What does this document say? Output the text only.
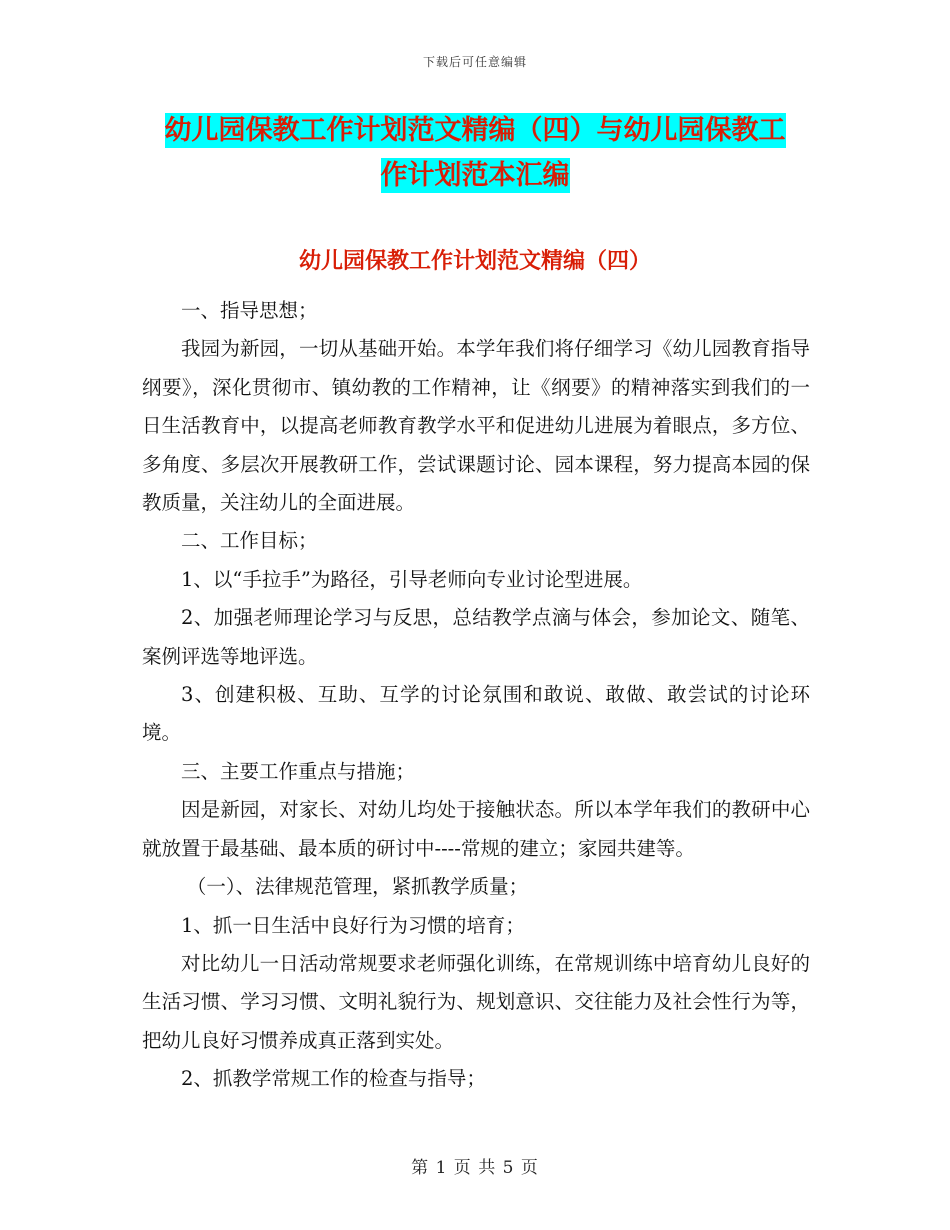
下载后可任意编辑
幼儿园保教工作计划范文精编（四）与幼儿园保教工
作计划范本汇编
幼儿园保教工作计划范文精编（四）

一、指导思想；

我园为新园，一切从基础开始。本学年我们将仔细学习《幼儿园教育指导纲要》，深化贯彻市、镇幼教的工作精神，让《纲要》的精神落实到我们的一日生活教育中，以提高老师教育教学水平和促进幼儿进展为着眼点，多方位、多角度、多层次开展教研工作，尝试课题讨论、园本课程，努力提高本园的保教质量，关注幼儿的全面进展。

二、工作目标；

1、以“手拉手”为路径，引导老师向专业讨论型进展。

2、加强老师理论学习与反思，总结教学点滴与体会，参加论文、随笔、案例评选等地评选。

3、创建积极、互助、互学的讨论氛围和敢说、敢做、敢尝试的讨论环境。

三、主要工作重点与措施；

因是新园，对家长、对幼儿均处于接触状态。所以本学年我们的教研中心就放置于最基础、最本质的研讨中----常规的建立；家园共建等。

（一）、法律规范管理，紧抓教学质量；

1、抓一日生活中良好行为习惯的培育；

对比幼儿一日活动常规要求老师强化训练，在常规训练中培育幼儿良好的生活习惯、学习习惯、文明礼貌行为、规划意识、交往能力及社会性行为等，把幼儿良好习惯养成真正落到实处。

2、抓教学常规工作的检查与指导；

第 1 页 共 5 页
